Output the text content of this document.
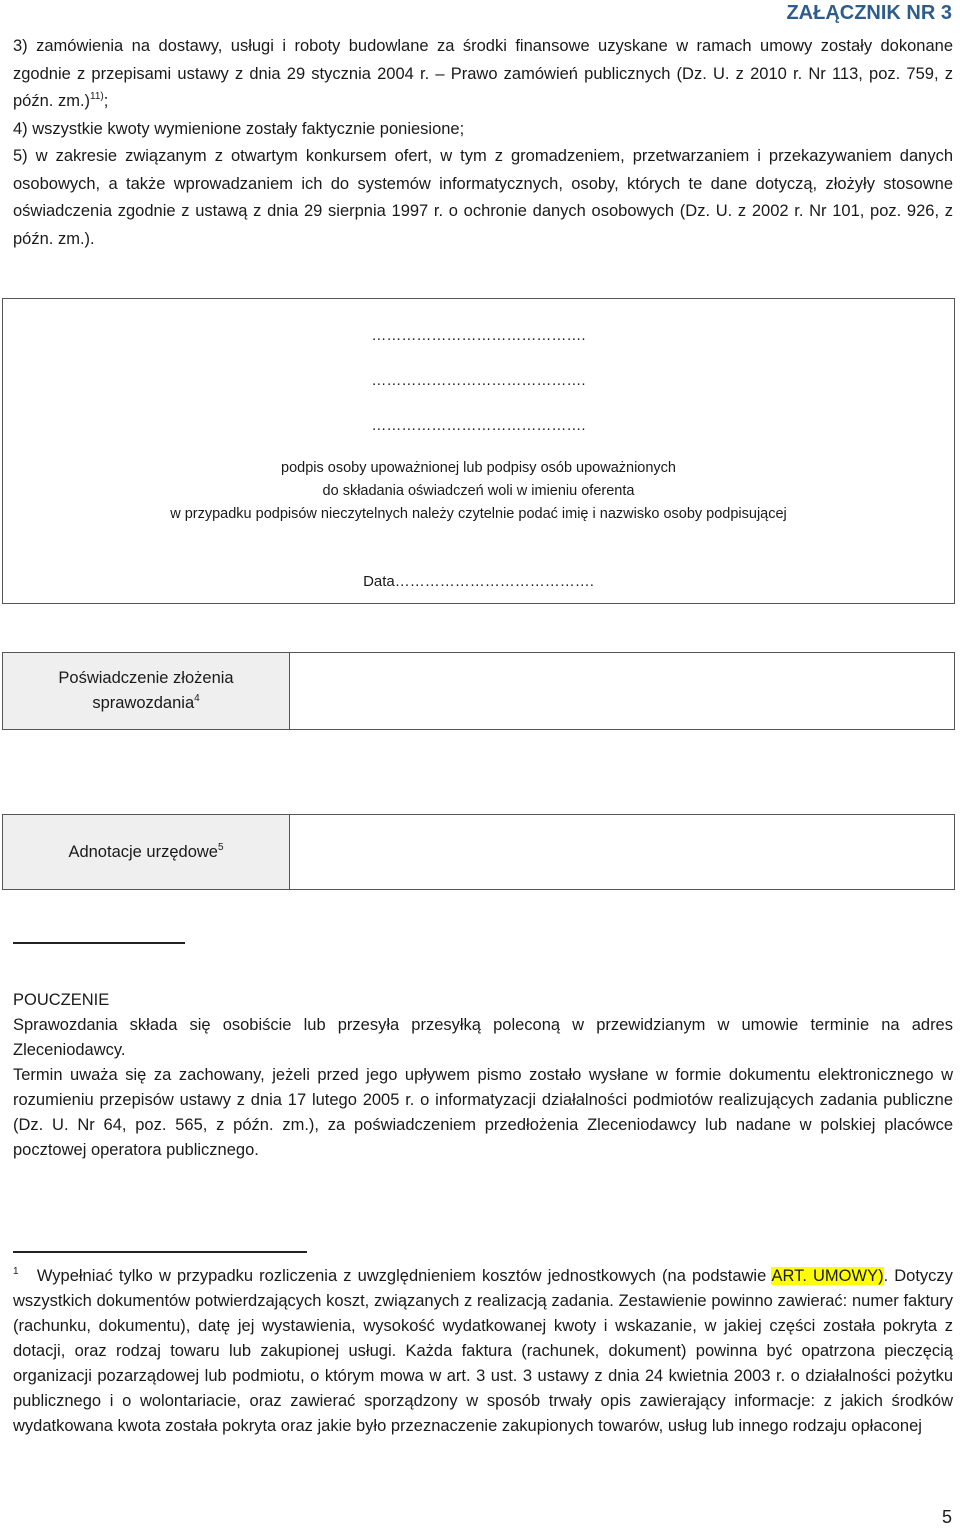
ZAŁĄCZNIK NR 3

3) zamówienia na dostawy, usługi i roboty budowlane za środki finansowe uzyskane w ramach umowy zostały dokonane zgodnie z przepisami ustawy z dnia 29 stycznia 2004 r. – Prawo zamówień publicznych (Dz. U. z 2010 r. Nr 113, poz. 759, z późn. zm.)$^{11)}$;

4) wszystkie kwoty wymienione zostały faktycznie poniesione;

5) w zakresie związanym z otwartym konkursem ofert, w tym z gromadzeniem, przetwarzaniem i przekazywaniem danych osobowych, a także wprowadzaniem ich do systemów informatycznych, osoby, których te dane dotyczą, złożyły stosowne oświadczenia zgodnie z ustawą z dnia 29 sierpnia 1997 r. o ochronie danych osobowych (Dz. U. z 2002 r. Nr 101, poz. 926, z późn. zm.).

…………………………………….
…………………………………….
…………………………………….
podpis osoby upoważnionej lub podpisy osób upoważnionych
do składania oświadczeń woli w imieniu oferenta
w przypadku podpisów nieczytelnych należy czytelnie podać imię i nazwisko osoby podpisującej
Data………………………………….
Poświadczenie złożenia
sprawozdania$^4$
Adnotacje urzędowe$^5$

POUCZENIE

Sprawozdania składa się osobiście lub przesyła przesyłką poleconą w przewidzianym w umowie terminie na adres Zleceniodawcy.

Termin uważa się za zachowany, jeżeli przed jego upływem pismo zostało wysłane w formie dokumentu elektronicznego w rozumieniu przepisów ustawy z dnia 17 lutego 2005 r. o informatyzacji działalności podmiotów realizujących zadania publiczne (Dz. U. Nr 64, poz. 565, z późn. zm.), za poświadczeniem przedłożenia Zleceniodawcy lub nadane w polskiej placówce pocztowej operatora publicznego.

$^1$ Wypełniać tylko w przypadku rozliczenia z uwzględnieniem kosztów jednostkowych (na podstawie ART. UMOWY). Dotyczy wszystkich dokumentów potwierdzających koszt, związanych z realizacją zadania. Zestawienie powinno zawierać: numer faktury (rachunku, dokumentu), datę jej wystawienia, wysokość wydatkowanej kwoty i wskazanie, w jakiej części została pokryta z dotacji, oraz rodzaj towaru lub zakupionej usługi. Każda faktura (rachunek, dokument) powinna być opatrzona pieczęcią organizacji pozarządowej lub podmiotu, o którym mowa w art. 3 ust. 3 ustawy z dnia 24 kwietnia 2003 r. o działalności pożytku publicznego i o wolontariacie, oraz zawierać sporządzony w sposób trwały opis zawierający informacje: z jakich środków wydatkowana kwota została pokryta oraz jakie było przeznaczenie zakupionych towarów, usług lub innego rodzaju opłaconej
5
